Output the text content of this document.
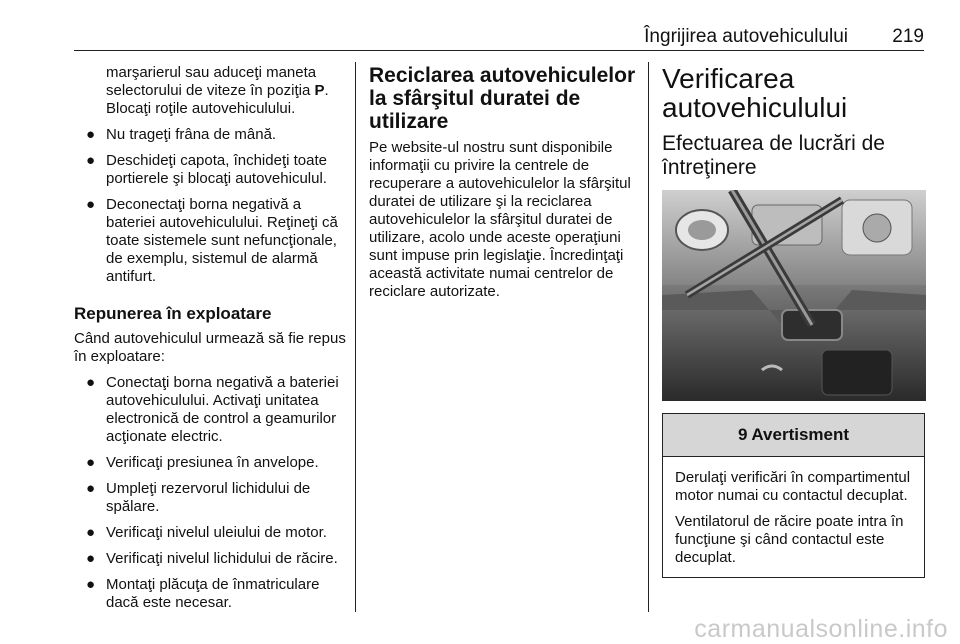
Îngrijirea autovehiculului 219

marşarierul sau aduceţi maneta selectorului de viteze în poziţia P. Blocaţi roţile autovehiculului.

● Nu trageţi frâna de mână.
● Deschideţi capota, închideţi toate portierele şi blocaţi autovehiculul.
● Deconectaţi borna negativă a bateriei autovehiculului. Reţineţi că toate sistemele sunt nefuncţionale, de exemplu, sistemul de alarmă antifurt.
Repunerea în exploatare

Când autovehiculul urmează să fie repus în exploatare:

● Conectaţi borna negativă a bateriei autovehiculului. Activaţi unitatea electronică de control a geamurilor acţionate electric.
● Verificaţi presiunea în anvelope.
● Umpleţi rezervorul lichidului de spălare.
● Verificaţi nivelul uleiului de motor.
● Verificaţi nivelul lichidului de răcire.
● Montaţi plăcuţa de înmatriculare dacă este necesar.
Reciclarea autovehiculelor la sfârşitul duratei de utilizare

Pe website-ul nostru sunt disponibile informaţii cu privire la centrele de recuperare a autovehiculelor la sfârşitul duratei de utilizare şi la reciclarea autovehiculelor la sfârşitul duratei de utilizare, acolo unde aceste operaţiuni sunt impuse prin legislaţie. Încredinţaţi această activitate numai centrelor de reciclare autorizate.

Verificarea autovehiculului
Efectuarea de lucrări de întreţinere
9 Avertisment

Derulaţi verificări în compartimentul motor numai cu contactul decuplat.

Ventilatorul de răcire poate intra în funcţiune şi când contactul este decuplat.

carmanualsonline.info
